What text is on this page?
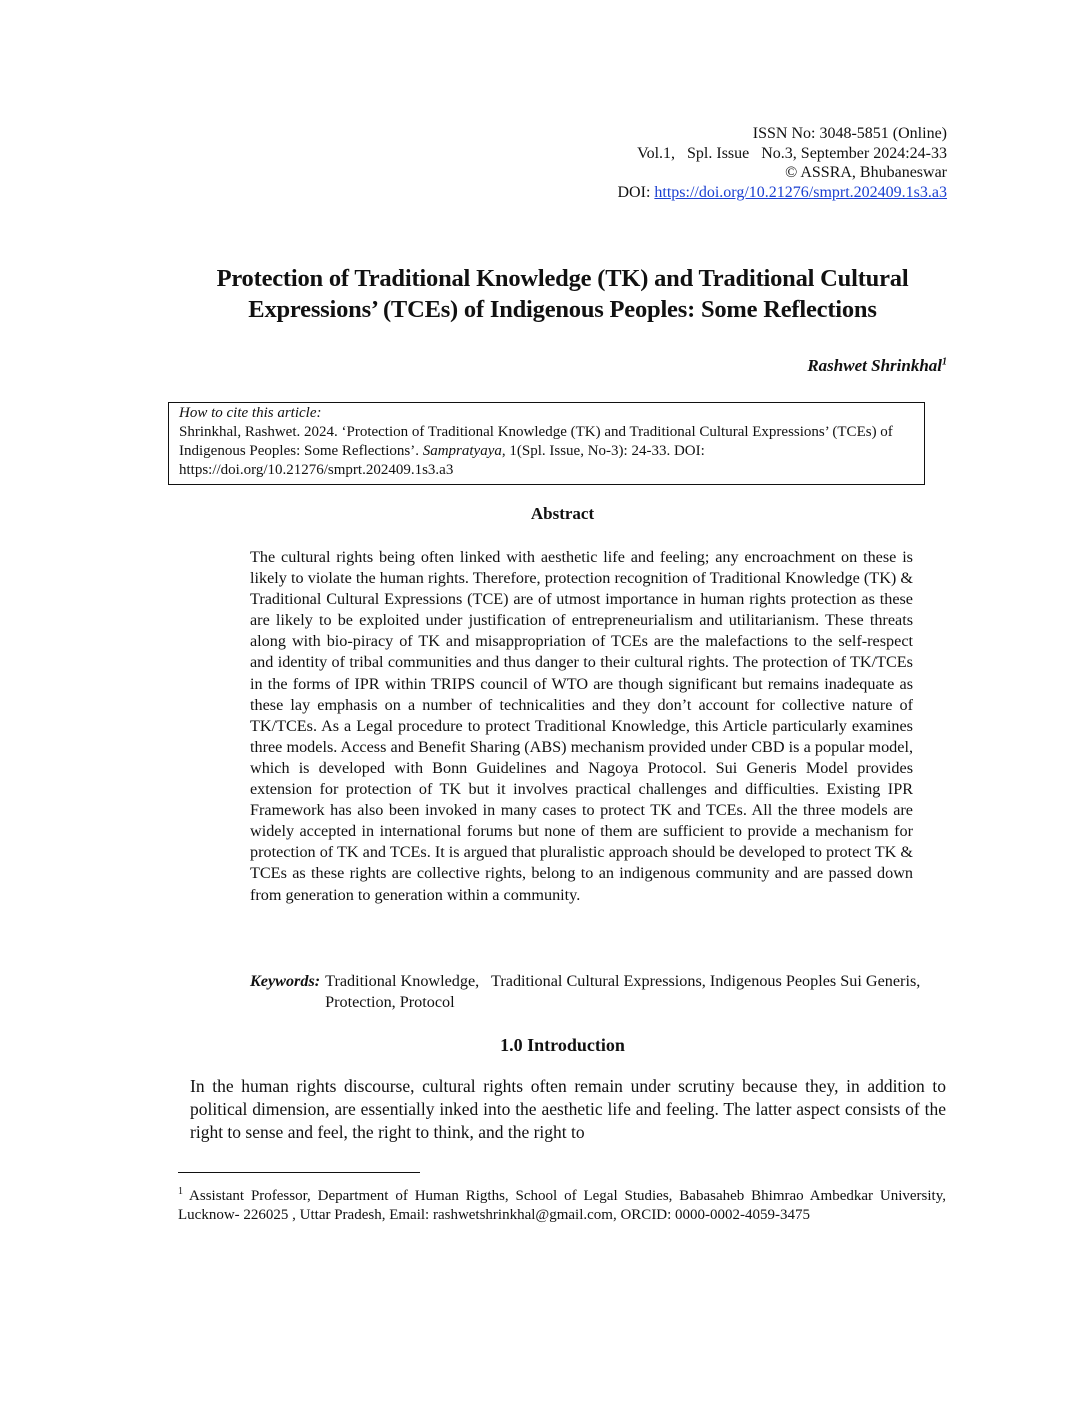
ISSN No: 3048-5851 (Online)
Vol.1,   Spl. Issue   No.3, September 2024:24-33
© ASSRA, Bhubaneswar
DOI: https://doi.org/10.21276/smprt.202409.1s3.a3
Protection of Traditional Knowledge (TK) and Traditional Cultural Expressions’ (TCEs) of Indigenous Peoples: Some Reflections
Rashwet Shrinkhal$^1$
How to cite this article:
Shrinkhal, Rashwet. 2024. ‘Protection of Traditional Knowledge (TK) and Traditional Cultural Expressions’ (TCEs) of Indigenous Peoples: Some Reflections’. Sampratyaya, 1(Spl. Issue, No-3): 24-33. DOI: https://doi.org/10.21276/smprt.202409.1s3.a3
Abstract
The cultural rights being often linked with aesthetic life and feeling; any encroachment on these is likely to violate the human rights. Therefore, protection recognition of Traditional Knowledge (TK) & Traditional Cultural Expressions (TCE) are of utmost importance in human rights protection as these are likely to be exploited under justification of entrepreneurialism and utilitarianism. These threats along with bio-piracy of TK and misappropriation of TCEs are the malefactions to the self-respect and identity of tribal communities and thus danger to their cultural rights. The protection of TK/TCEs in the forms of IPR within TRIPS council of WTO are though significant but remains inadequate as these lay emphasis on a number of technicalities and they don’t account for collective nature of TK/TCEs. As a Legal procedure to protect Traditional Knowledge, this Article particularly examines three models. Access and Benefit Sharing (ABS) mechanism provided under CBD is a popular model, which is developed with Bonn Guidelines and Nagoya Protocol. Sui Generis Model provides extension for protection of TK but it involves practical challenges and difficulties. Existing IPR Framework has also been invoked in many cases to protect TK and TCEs. All the three models are widely accepted in international forums but none of them are sufficient to provide a mechanism for protection of TK and TCEs. It is argued that pluralistic approach should be developed to protect TK & TCEs as these rights are collective rights, belong to an indigenous community and are passed down from generation to generation within a community.
Keywords: Traditional Knowledge,   Traditional Cultural Expressions, Indigenous Peoples Sui Generis, Protection, Protocol
1.0 Introduction
In the human rights discourse, cultural rights often remain under scrutiny because they, in addition to political dimension, are essentially inked into the aesthetic life and feeling. The latter aspect consists of the right to sense and feel, the right to think, and the right to
$^1$ Assistant Professor, Department of Human Rigths, School of Legal Studies, Babasaheb Bhimrao Ambedkar University, Lucknow- 226025 , Uttar Pradesh, Email: rashwetshrinkhal@gmail.com, ORCID: 0000-0002-4059-3475
